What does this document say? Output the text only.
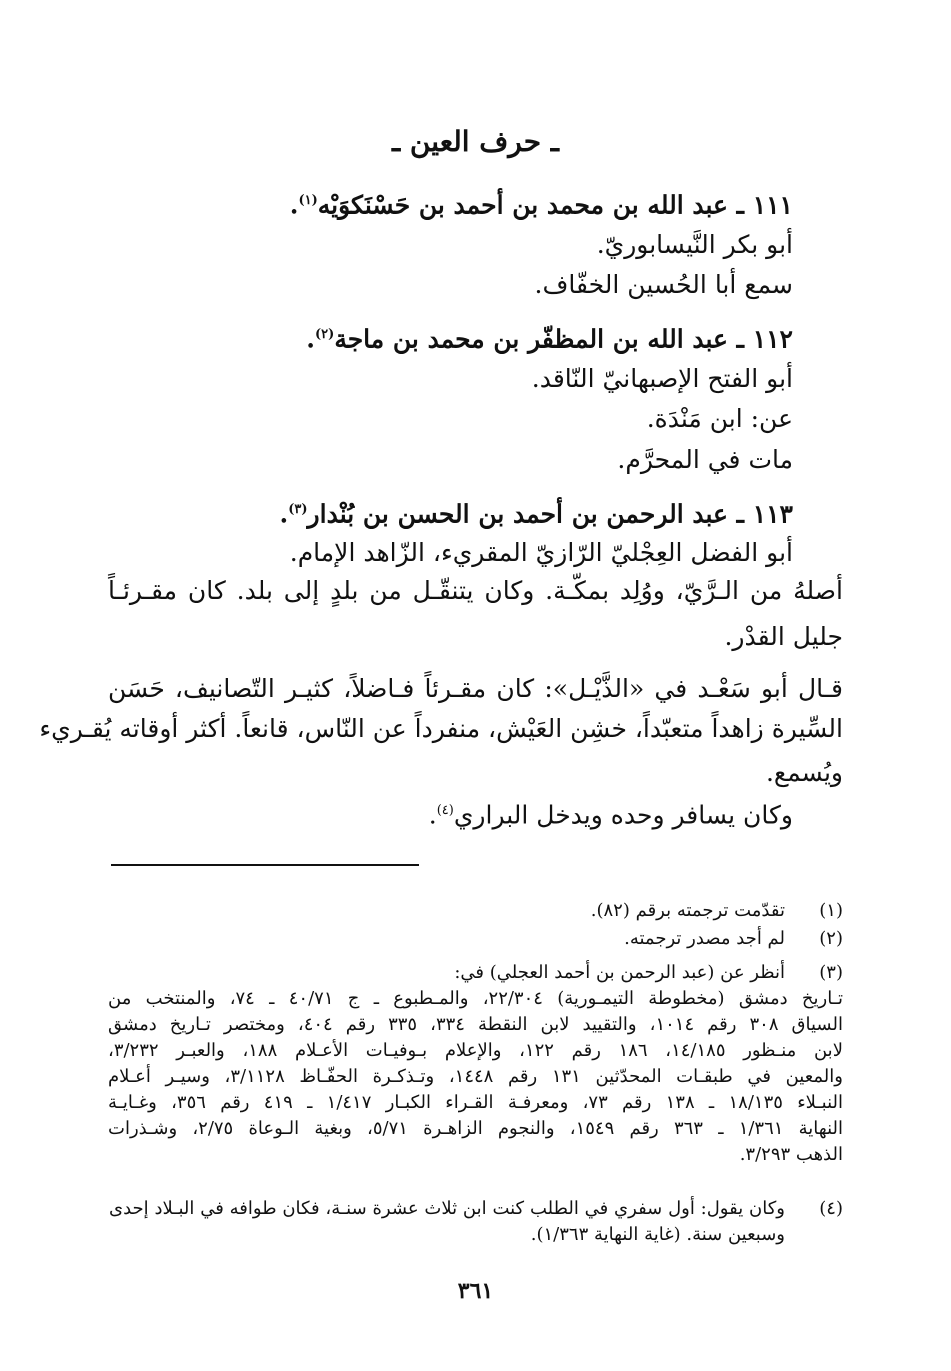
ـ حرف العين ـ
١١١ ـ عبد الله بن محمد بن أحمد بن حَسْنَكوَيْه$^{(١)}$.
أبو بكر النَّيسابوريّ.
سمع أبا الحُسين الخفّاف.
١١٢ ـ عبد الله بن المظفّر بن محمد بن ماجة$^{(٢)}$.
أبو الفتح الإصبهانيّ النّاقد.
عن: ابن مَنْدَة.
مات في المحرَّم.
١١٣ ـ عبد الرحمن بن أحمد بن الحسن بن بُنْدار$^{(٣)}$.
أبو الفضل العِجْليّ الرّازيّ المقريء، الزّاهد الإمام.
أصلهُ من الـرَّيّ، ووُلِد بمكّـة. وكان يتنقّـل من بلدٍ إلى بلد. كان مقـرئـاً
جليل القدْر.
قـال أبو سَعْـد في «الذَّيْـل»: كان مقـرئاً فـاضلاً، كثيـر التّصانيف، حَسَن
السِّيرة زاهداً متعبّداً، خشِن العَيْش، منفرداً عن النّاس، قانعاً. أكثر أوقاته يُقـريء
ويُسمع.
وكان يسافر وحده ويدخل البراري$^{(٤)}$.
(١)
تقدّمت ترجمته برقم (٨٢).
(٢)
لم أجد مصدر ترجمته.
(٣)
أنظر عن (عبد الرحمن بن أحمد العجلي) في:
تـاريخ دمشق (مخطوطة التيمـورية) ٢٢/٣٠٤، والمـطبوع ـ ج ٤٠/٧١ ـ ٧٤، والمنتخب من
السياق ٣٠٨ رقم ١٠١٤، والتقييد لابن النقطة ٣٣٤، ٣٣٥ رقم ٤٠٤، ومختصر تـاريخ دمشق
لابن منـظور ١٤/١٨٥، ١٨٦ رقم ١٢٢، والإعلام بـوفيـات الأعـلام ١٨٨، والعبـر ٣/٢٣٢،
والمعين في طبقـات المحدّثين ١٣١ رقم ١٤٤٨، وتـذكـرة الحفّـاظ ٣/١١٢٨، وسيـر أعـلام
النبـلاء ١٨/١٣٥ ـ ١٣٨ رقم ٧٣، ومعرفـة القـراء الكبـار ١/٤١٧ ـ ٤١٩ رقم ٣٥٦، وغـايـة
النهاية ١/٣٦١ ـ ٣٦٣ رقم ١٥٤٩، والنجوم الزاهـرة ٥/٧١، وبغية الـوعاة ٢/٧٥، وشـذرات
الذهب ٣/٢٩٣.
(٤)
وكان يقول: أول سفري في الطلب كنت ابن ثلاث عشرة سنـة، فكان طوافه في البـلاد إحدى
وسبعين سنة. (غاية النهاية ١/٣٦٣).
٣٦١
